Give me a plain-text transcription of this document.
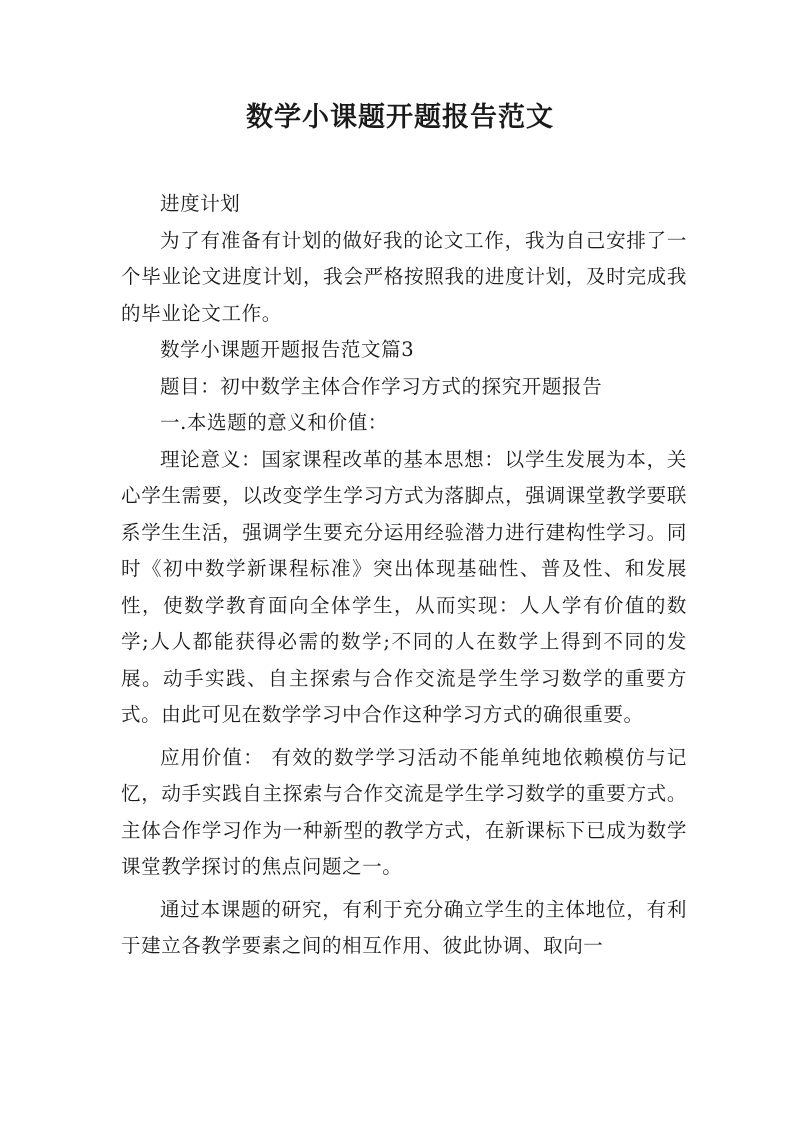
数学小课题开题报告范文

进度计划

为了有准备有计划的做好我的论文工作，我为自己安排了一个毕业论文进度计划，我会严格按照我的进度计划，及时完成我的毕业论文工作。

数学小课题开题报告范文篇3

题目：初中数学主体合作学习方式的探究开题报告

一.本选题的意义和价值：

理论意义：国家课程改革的基本思想：以学生发展为本，关心学生需要，以改变学生学习方式为落脚点，强调课堂教学要联系学生生活，强调学生要充分运用经验潜力进行建构性学习。同时《初中数学新课程标准》突出体现基础性、普及性、和发展性，使数学教育面向全体学生，从而实现：人人学有价值的数学;人人都能获得必需的数学;不同的人在数学上得到不同的发展。动手实践、自主探索与合作交流是学生学习数学的重要方式。由此可见在数学学习中合作这种学习方式的确很重要。

应用价值： 有效的数学学习活动不能单纯地依赖模仿与记忆，动手实践自主探索与合作交流是学生学习数学的重要方式。 主体合作学习作为一种新型的教学方式，在新课标下已成为数学课堂教学探讨的焦点问题之一。

通过本课题的研究，有利于充分确立学生的主体地位，有利于建立各教学要素之间的相互作用、彼此协调、取向一
